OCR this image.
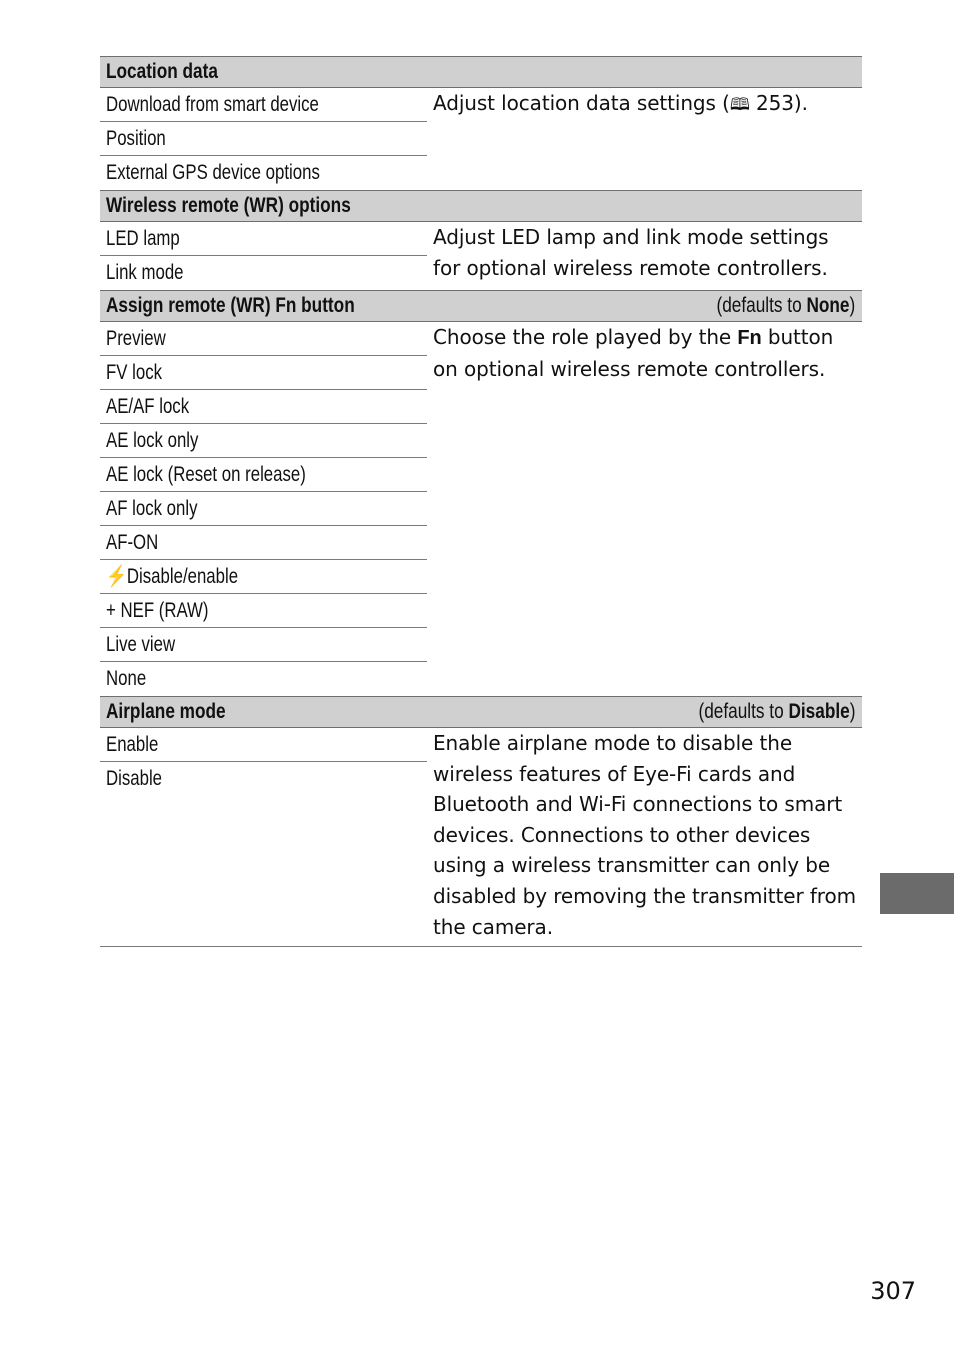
Location data
Download from smart device
Position
External GPS device options
Adjust location data settings (🕮 253).
Wireless remote (WR) options
LED lamp
Link mode
Adjust LED lamp and link mode settings for optional wireless remote controllers.
Assign remote (WR) Fn button	(defaults to None)
Preview
FV lock
AE/AF lock
AE lock only
AE lock (Reset on release)
AF lock only
AF-ON
⚡Disable/enable
+ NEF (RAW)
Live view
None
Choose the role played by the Fn button on optional wireless remote controllers.
Airplane mode	(defaults to Disable)
Enable
Disable
Enable airplane mode to disable the wireless features of Eye-Fi cards and Bluetooth and Wi-Fi connections to smart devices. Connections to other devices using a wireless transmitter can only be disabled by removing the transmitter from the camera.
307
